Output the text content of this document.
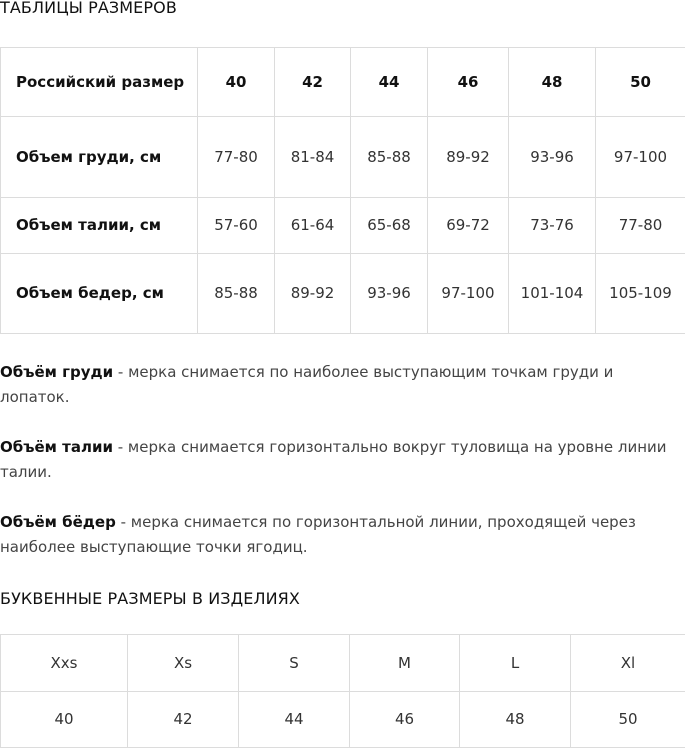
ТАБЛИЦЫ РАЗМЕРОВ
Российский размер	40	42	44	46	48	50
Объем груди, см	77-80	81-84	85-88	89-92	93-96	97-100
Объем талии, см	57-60	61-64	65-68	69-72	73-76	77-80
Объем бедер, см	85-88	89-92	93-96	97-100	101-104	105-109

Объём груди - мерка снимается по наиболее выступающим точкам груди и лопаток.

Объём талии - мерка снимается горизонтально вокруг туловища на уровне линии талии.

Объём бёдер - мерка снимается по горизонтальной линии, проходящей через наиболее выступающие точки ягодиц.

БУКВЕННЫЕ РАЗМЕРЫ В ИЗДЕЛИЯХ
Xxs	Xs	S	M	L	Xl
40	42	44	46	48	50
